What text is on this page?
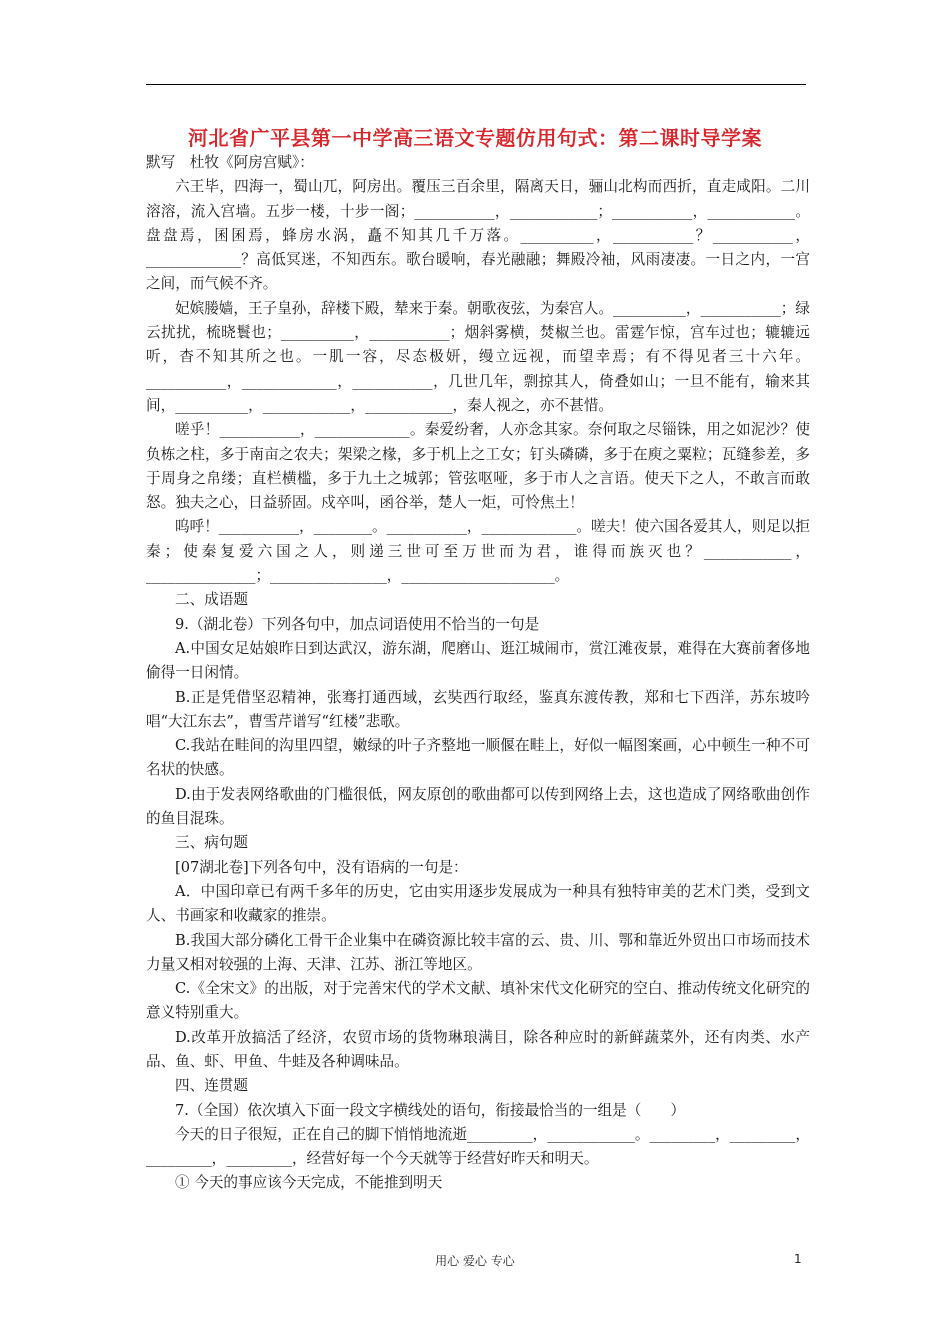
河北省广平县第一中学高三语文专题仿用句式：第二课时导学案

默写　杜牧《阿房宫赋》：

六王毕，四海一，蜀山兀，阿房出。覆压三百余里，隔离天日，骊山北构而西折，直走咸阳。二川溶溶，流入宫墙。五步一楼，十步一阁；___________，____________；___________，____________。盘盘焉，囷囷焉，蜂房水涡，矗不知其几千万落。__________，___________？___________，_____________？高低冥迷，不知西东。歌台暖响，春光融融；舞殿冷袖，风雨凄凄。一日之内，一宫之间，而气候不齐。

妃嫔媵嫱，王子皇孙，辞楼下殿，辇来于秦。朝歌夜弦，为秦宫人。__________，___________；绿云扰扰，梳晓鬟也；__________，___________；烟斜雾横，焚椒兰也。雷霆乍惊，宫车过也；辘辘远听，杳不知其所之也。一肌一容，尽态极妍，缦立远视，而望幸焉；有不得见者三十六年。___________，_____________，___________，几世几年，剽掠其人，倚叠如山；一旦不能有，输来其间，__________，____________，____________，秦人视之，亦不甚惜。

嗟乎！___________，_____________。秦爱纷奢，人亦念其家。奈何取之尽锱铢，用之如泥沙？使负栋之柱，多于南亩之农夫；架梁之椽，多于机上之工女；钉头磷磷，多于在庾之粟粒；瓦缝参差，多于周身之帛缕；直栏横槛，多于九土之城郭；管弦呕哑，多于市人之言语。使天下之人，不敢言而敢怒。独夫之心，日益骄固。戍卒叫，函谷举，楚人一炬，可怜焦土！

呜呼！___________，________。___________，_____________。嗟夫！使六国各爱其人，则足以拒秦；使秦复爱六国之人，则递三世可至万世而为君，谁得而族灭也？____________，_______________；________________，_____________________。

二、成语题

9.（湖北卷）下列各句中，加点词语使用不恰当的一句是

A.中国女足姑娘昨日到达武汉，游东湖，爬磨山、逛江城闹市，赏江滩夜景，难得在大赛前奢侈地偷得一日闲情。

B.正是凭借坚忍精神，张骞打通西域，玄奘西行取经，鉴真东渡传教，郑和七下西洋，苏东坡吟唱“大江东去”，曹雪芹谱写“红楼”悲歌。

C.我站在畦间的沟里四望，嫩绿的叶子齐整地一顺偃在畦上，好似一幅图案画，心中顿生一种不可名状的快感。

D.由于发表网络歌曲的门槛很低，网友原创的歌曲都可以传到网络上去，这也造成了网络歌曲创作的鱼目混珠。

三、病句题

[07湖北卷]下列各句中，没有语病的一句是：

A．中国印章已有两千多年的历史，它由实用逐步发展成为一种具有独特审美的艺术门类，受到文人、书画家和收藏家的推崇。

B.我国大部分磷化工骨干企业集中在磷资源比较丰富的云、贵、川、鄂和靠近外贸出口市场而技术力量又相对较强的上海、天津、江苏、浙江等地区。

C.《全宋文》的出版，对于完善宋代的学术文献、填补宋代文化研究的空白、推动传统文化研究的意义特别重大。

D.改革开放搞活了经济，农贸市场的货物琳琅满目，除各种应时的新鲜蔬菜外，还有肉类、水产品、鱼、虾、甲鱼、牛蛙及各种调味品。

四、连贯题

7.（全国）依次填入下面一段文字横线处的语句，衔接最恰当的一组是（　　）

今天的日子很短，正在自己的脚下悄悄地流逝_________，____________。_________，_________，_________，_________，经营好每一个今天就等于经营好昨天和明天。

① 今天的事应该今天完成，不能推到明天

用心 爱心 专心	1
